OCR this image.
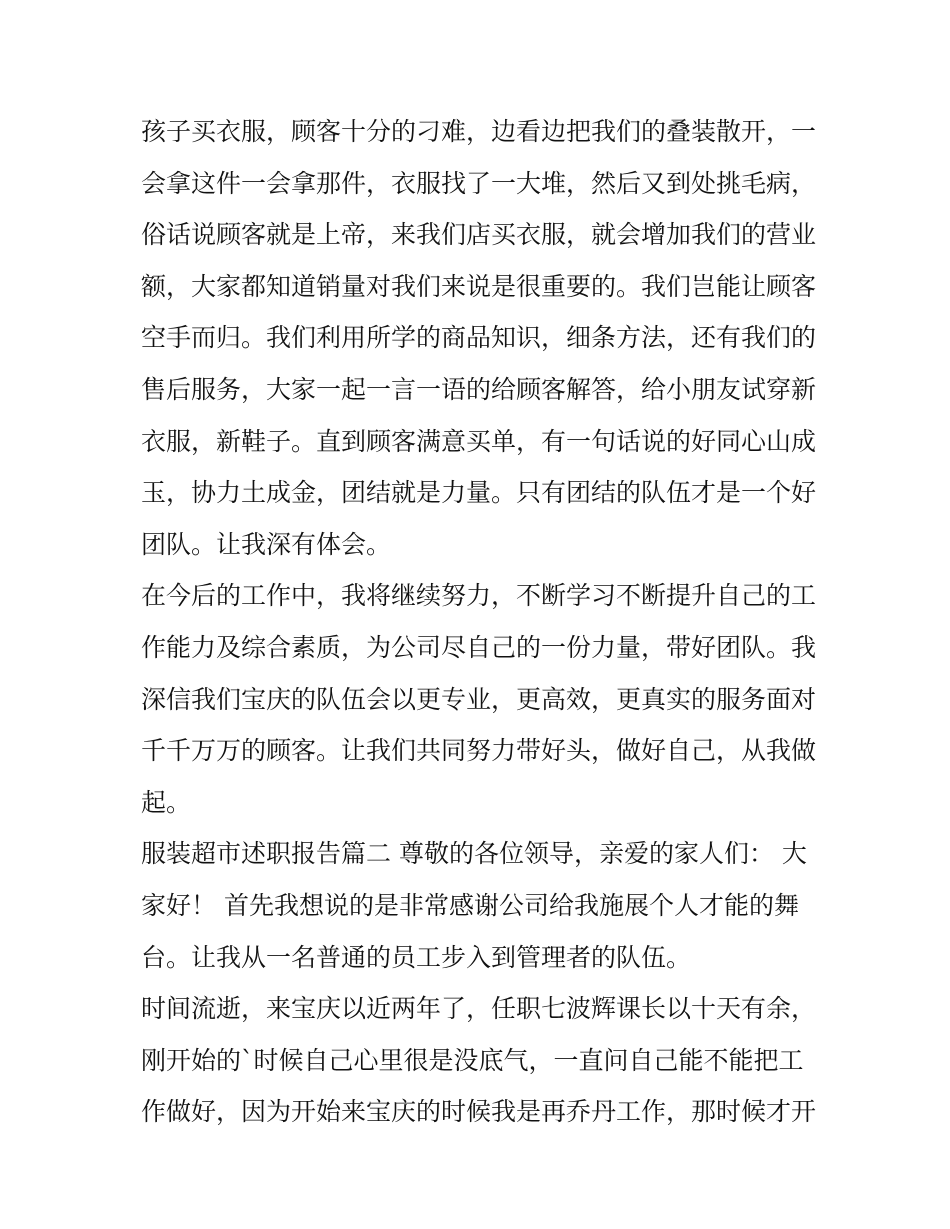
孩子买衣服，顾客十分的刁难，边看边把我们的叠装散开，一
会拿这件一会拿那件，衣服找了一大堆，然后又到处挑毛病，
俗话说顾客就是上帝，来我们店买衣服，就会增加我们的营业
额，大家都知道销量对我们来说是很重要的。我们岂能让顾客
空手而归。我们利用所学的商品知识，细条方法，还有我们的
售后服务，大家一起一言一语的给顾客解答，给小朋友试穿新
衣服，新鞋子。直到顾客满意买单，有一句话说的好同心山成
玉，协力土成金，团结就是力量。只有团结的队伍才是一个好
团队。让我深有体会。
在今后的工作中，我将继续努力，不断学习不断提升自己的工
作能力及综合素质，为公司尽自己的一份力量，带好团队。我
深信我们宝庆的队伍会以更专业，更高效，更真实的服务面对
千千万万的顾客。让我们共同努力带好头，做好自己，从我做
起。
服装超市述职报告篇二 尊敬的各位领导，亲爱的家人们： 大
家好！ 首先我想说的是非常感谢公司给我施展个人才能的舞
台。让我从一名普通的员工步入到管理者的队伍。
时间流逝，来宝庆以近两年了，任职七波辉课长以十天有余，
刚开始的`时候自己心里很是没底气，一直问自己能不能把工
作做好，因为开始来宝庆的时候我是再乔丹工作，那时候才开
